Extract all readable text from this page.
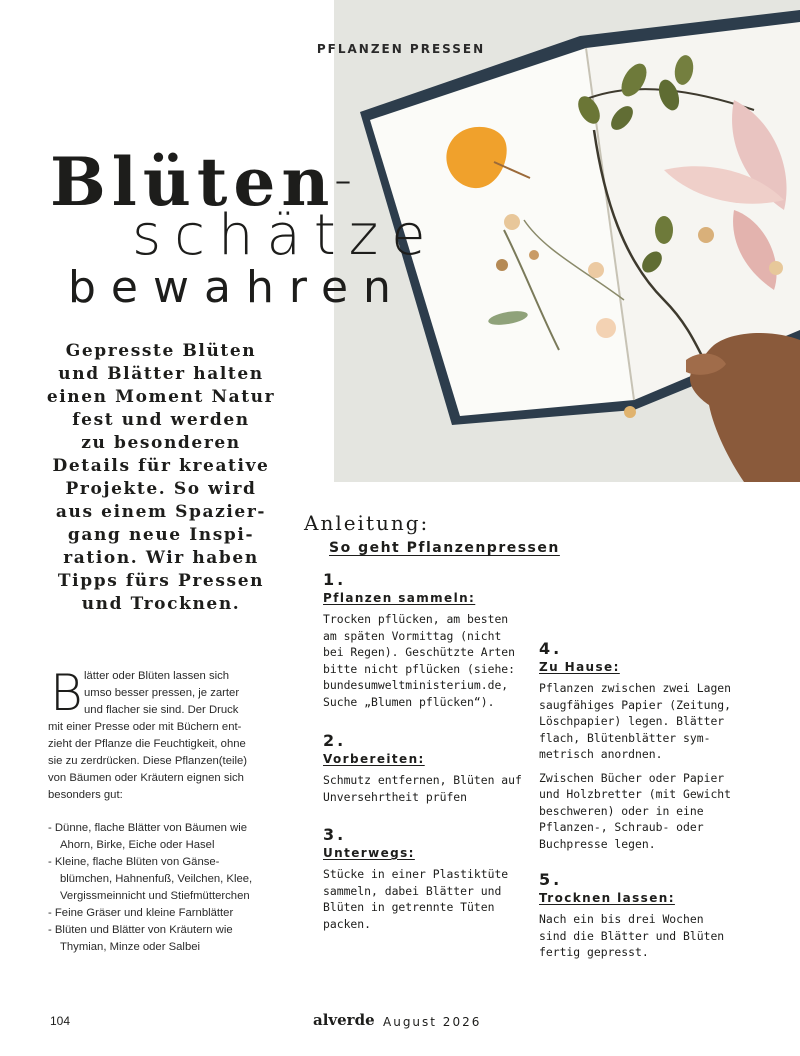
PFLANZEN PRESSEN
Blüten
-
schätze
bewahren
Gepresste Blüten
und Blätter halten
einen Moment Natur
fest und werden
zu besonderen
Details für kreative
Projekte. So wird
aus einem Spazier-
gang neue Inspi-
ration. Wir haben
Tipps fürs Pressen
und Trocknen.
B lätter oder Blüten lassen sich
umso besser pressen, je zarter
und flacher sie sind. Der Druck
mit einer Presse oder mit Büchern ent-
zieht der Pflanze die Feuchtigkeit, ohne
sie zu zerdrücken. Diese Pflanzen(teile)
von Bäumen oder Kräutern eignen sich
besonders gut:
- Dünne, flache Blätter von Bäumen wie
Ahorn, Birke, Eiche oder Hasel
- Kleine, flache Blüten von Gänse-
blümchen, Hahnenfuß, Veilchen, Klee,
Vergissmeinnicht und Stiefmütterchen
- Feine Gräser und kleine Farnblätter
- Blüten und Blätter von Kräutern wie
Thymian, Minze oder Salbei
Anleitung:
So geht Pflanzenpressen
1.
Pflanzen sammeln:
Trocken pflücken, am besten
am späten Vormittag (nicht
bei Regen). Geschützte Arten
bitte nicht pflücken (siehe:
bundesumweltministerium.de,
Suche „Blumen pflücken“).
2.
Vorbereiten:
Schmutz entfernen, Blüten auf
Unversehrtheit prüfen
3.
Unterwegs:
Stücke in einer Plastiktüte
sammeln, dabei Blätter und
Blüten in getrennte Tüten
packen.
4.
Zu Hause:
Pflanzen zwischen zwei Lagen
saugfähiges Papier (Zeitung,
Löschpapier) legen. Blätter
flach, Blütenblätter sym-
metrisch anordnen.
Zwischen Bücher oder Papier
und Holzbretter (mit Gewicht
beschweren) oder in eine
Pflanzen-, Schraub- oder
Buchpresse legen.
5.
Trocknen lassen:
Nach ein bis drei Wochen
sind die Blätter und Blüten
fertig gepresst.
104	alverde August 2026
